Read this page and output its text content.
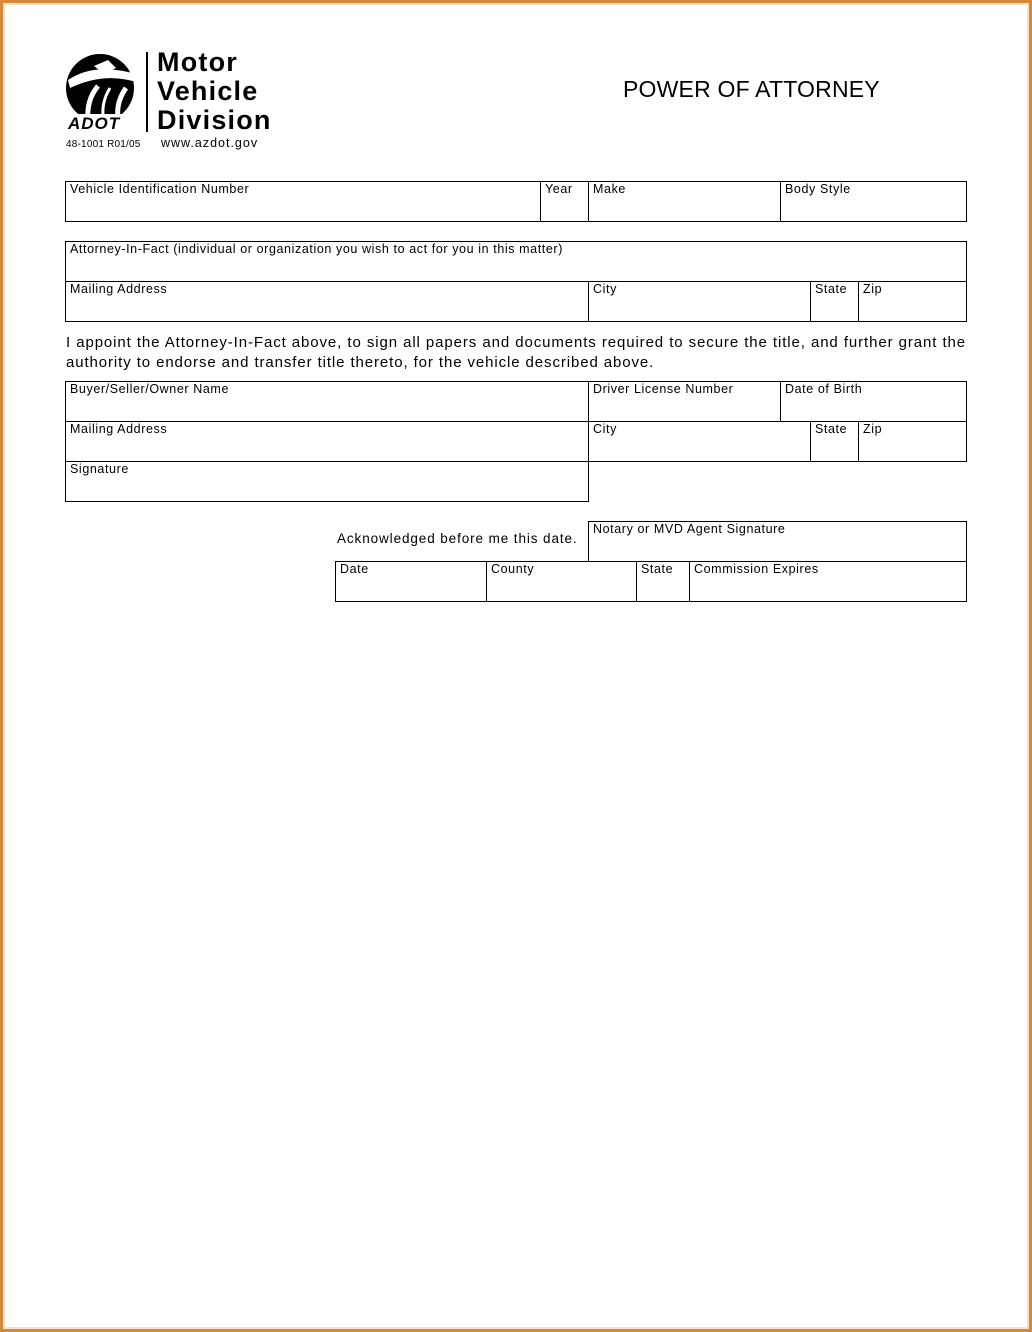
ADOT
Motor
Vehicle
Division
www.azdot.gov
48-1001 R01/05
POWER OF ATTORNEY
Vehicle Identification Number	Year Make	Body Style
Attorney-In-Fact (individual or organization you wish to act for you in this matter)
Mailing Address	City	State Zip
I appoint the Attorney-In-Fact above, to sign all papers and documents required to secure the title, and further grant the authority to endorse and transfer title thereto, for the vehicle described above.
Buyer/Seller/Owner Name	Driver License Number	Date of Birth
Mailing Address	City	State Zip
Signature
Acknowledged before me this date.
Notary or MVD Agent Signature
Date	County	State Commission Expires
